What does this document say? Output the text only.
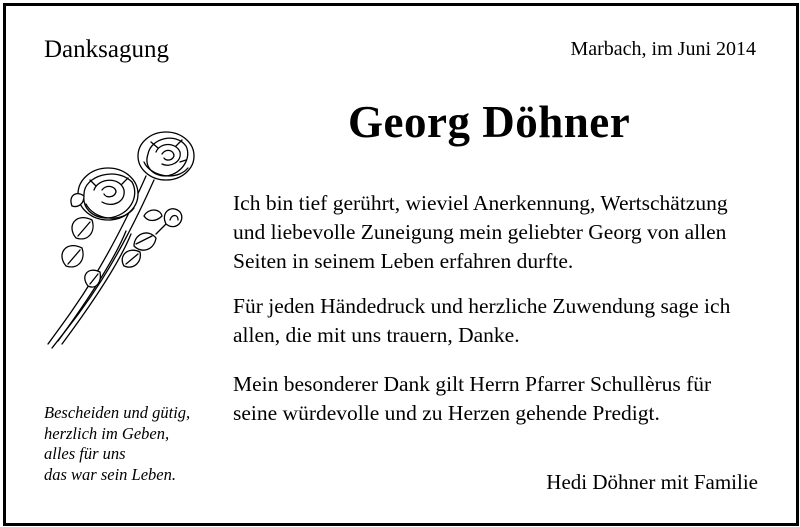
Danksagung	Marbach, im Juni 2014
Georg Döhner
Ich bin tief gerührt, wieviel Anerkennung, Wertschätzung
und liebevolle Zuneigung mein geliebter Georg von allen
Seiten in seinem Leben erfahren durfte.
Für jeden Händedruck und herzliche Zuwendung sage ich
allen, die mit uns trauern, Danke.
Mein besonderer Dank gilt Herrn Pfarrer Schullèrus für
seine würdevolle und zu Herzen gehende Predigt.
Bescheiden und gütig,
herzlich im Geben,
alles für uns
das war sein Leben.	Hedi Döhner mit Familie
